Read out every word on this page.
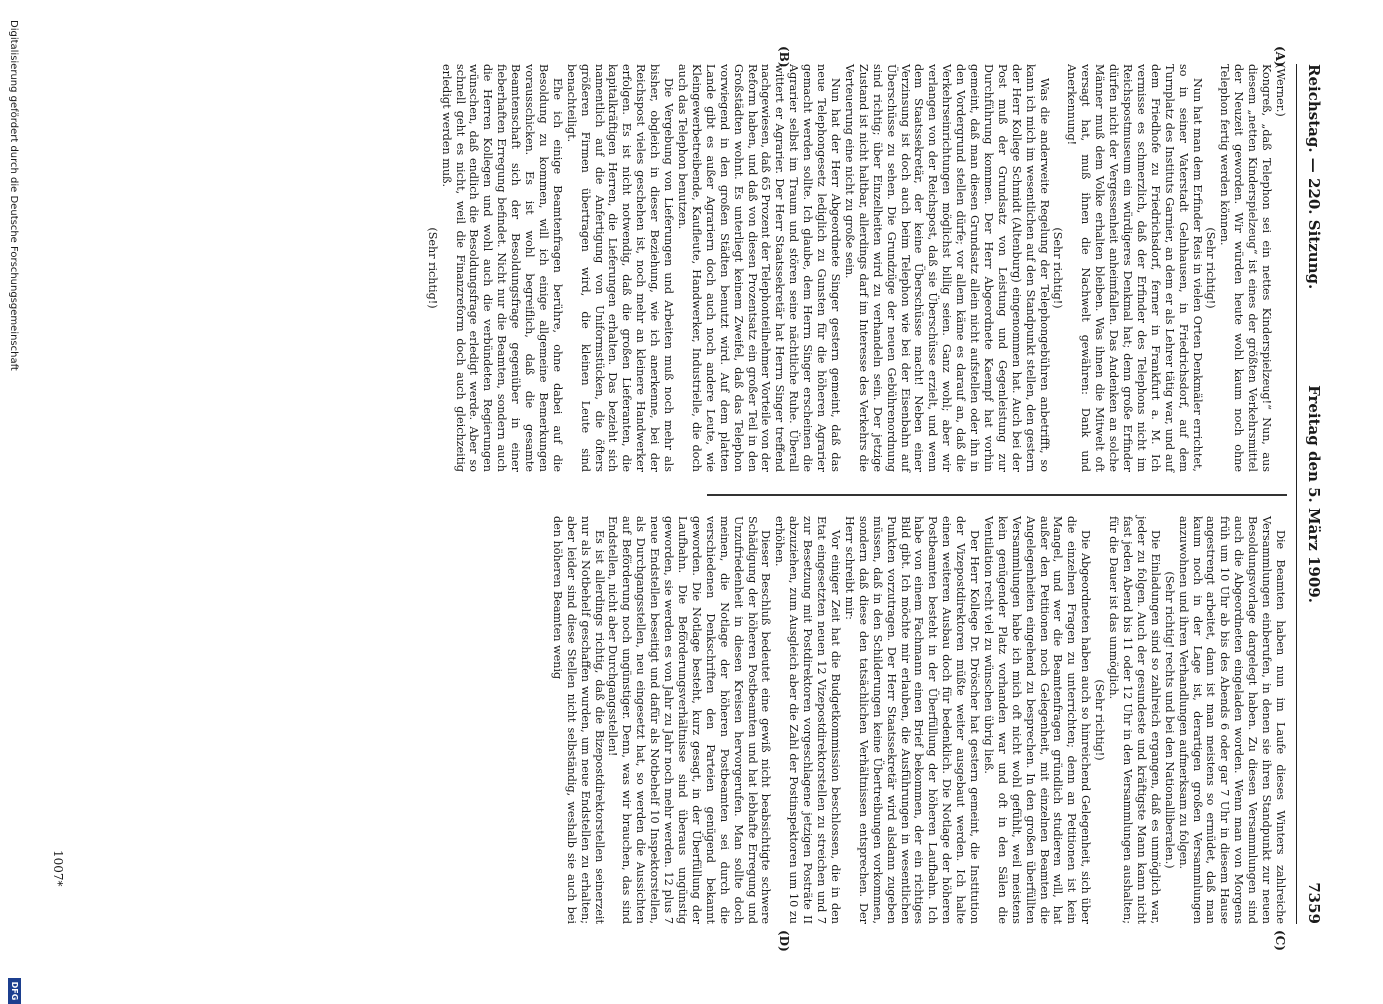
Reichstag. — 220. Sitzung.
Freitag den 5. März 1909.
7359
(A)
(B)
(C)
(D)

(Werner.)

Kongreß, „daß Telephon sei ein nettes Kinderspielzeug!“ Nun, aus diesem „netten Kinderspielzeug“ ist eines der größten Verkehrsmittel der Neuzeit geworden. Wir würden heute wohl kaum noch ohne Telephon fertig werden können.

(Sehr richtig!)

Nun hat man dem Erfinder Reis in vielen Orten Denkmäler errichtet, so in seiner Vaterstadt Gelnhausen, in Friedrichsdorf, auf dem Turnplatz des Instituts Garnier, an dem er als Lehrer tätig war, und auf dem Friedhofe zu Friedrichsdorf, ferner in Frankfurt a. M. Ich vermisse es schmerzlich, daß der Erfinder des Telephons nicht im Reichspostmuseum ein würdigeres Denkmal hat; denn große Erfinder dürfen nicht der Vergessenheit anheimfallen. Das Andenken an solche Männer muß dem Volke erhalten bleiben. Was ihnen die Mitwelt oft versagt hat, muß ihnen die Nachwelt gewähren: Dank und Anerkennung!

(Sehr richtig!)

Was die anderweite Regelung der Telephongebühren anbetrifft, so kann ich mich im wesentlichen auf den Standpunkt stellen, den gestern der Herr Kollege Schmidt (Altenburg) eingenommen hat. Auch bei der Post muß der Grundsatz von Leistung und Gegenleistung zur Durchführung kommen. Der Herr Abgeordnete Kaempf hat vorhin gemeint, daß man diesen Grundsatz allein nicht aufstellen oder ihn in den Vordergrund stellen dürfe; vor allem käme es darauf an, daß die Verkehrseinrichtungen möglichst billig seien. Ganz wohl; aber wir verlangen von der Reichspost, daß sie Überschüsse erzielt, und wenn dem Staatssekretär, der keine Überschüsse macht! Neben einer Verzinsung ist doch auch beim Telephon wie bei der Eisenbahn auf Überschüsse zu sehen. Die Grundzüge der neuen Gebührenordnung sind richtig; über Einzelheiten wird zu verhandeln sein. Der jetzige Zustand ist nicht haltbar, allerdings darf im Interesse des Verkehrs die Verteuerung eine nicht zu große sein.

Nun hat der Herr Abgeordnete Singer gestern gemeint, daß das neue Telephongesetz lediglich zu Gunsten für die höheren Agrarier gemacht werden sollte. Ich glaube, dem Herrn Singer erscheinen die Agrarier selbst im Traum und stören seine nächtliche Ruhe. Überall wittert er Agrarier. Der Herr Staatssekretär hat Herrn Singer treffend nachgewiesen, daß 65 Prozent der Telephonteilnehmer Vorteile von der Reform haben, und daß von diesen Prozentsatz ein großer Teil in den Großstädten wohnt. Es unterliegt keinem Zweifel, daß das Telephon vorwiegend in den großen Städten benutzt wird. Auf dem platten Lande gibt es außer Agrariern doch auch noch andere Leute, wie Kleingewerbetreibende, Kaufleute, Handwerker, Industrielle, die doch auch das Telephon benutzen.

Die Vergebung von Lieferungen und Arbeiten muß noch mehr als bisher, obgleich in dieser Beziehung, wie ich anerkenne, bei der Reichspost vieles geschehen ist, noch mehr an kleinere Handwerker erfolgen. Es ist nicht notwendig, daß die großen Lieferanten, die kapitalkräftigen Herren, die Lieferungen erhalten. Das bezieht sich namentlich auf die Anfertigung von Uniformstücken, die öfters größeren Firmen übertragen wird, die kleinen Leute sind benachteiligt.

Ehe ich einige Beamtenfragen berühre, ohne dabei auf die Besoldung zu kommen, will ich einige allgemeine Bemerkungen vorausschicken. Es ist wohl begreiflich, daß die gesamte Beamtenschaft sich der Besoldungsfrage gegenüber in einer fieberhaften Erregung befindet. Nicht nur die Beamten, sondern auch die Herren Kollegen und wohl auch die verbündeten Regierungen wünschen, daß endlich die Besoldungsfrage erledigt werde. Aber so schnell geht es nicht, weil die Finanzreform doch auch gleichzeitig erledigt werden muß.

(Sehr richtig!)

Die Beamten haben nun im Laufe dieses Winters zahlreiche Versammlungen einberufen, in denen sie ihren Standpunkt zur neuen Besoldungsvorlage dargelegt haben. Zu diesen Versammlungen sind auch die Abgeordneten eingeladen worden. Wenn man von Morgens früh um 10 Uhr ab bis des Abends 6 oder gar 7 Uhr in diesem Hause angestrengt arbeitet, dann ist man meistens so ermüdet, daß man kaum noch in der Lage ist, derartigen großen Versammlungen anzuwohnen und ihren Verhandlungen aufmerksam zu folgen.

(Sehr richtig! rechts und bei den Nationalliberalen.)

Die Einladungen sind so zahlreich ergangen, daß es unmöglich war, jeder zu folgen. Auch der gesundeste und kräftigste Mann kann nicht fast jeden Abend bis 11 oder 12 Uhr in den Versammlungen aushalten; für die Dauer ist das unmöglich.

(Sehr richtig!)

Die Abgeordneten haben auch so hinreichend Gelegenheit, sich über die einzelnen Fragen zu unterrichten; denn an Petitionen ist kein Mangel, und wer die Beamtenfragen gründlich studieren will, hat außer den Petitionen noch Gelegenheit, mit einzelnen Beamten die Angelegenheiten eingehend zu besprechen. In den großen überfüllten Versammlungen habe ich mich oft nicht wohl gefühlt, weil meistens kein genügender Platz vorhanden war und oft in den Sälen die Ventilation recht viel zu wünschen übrig ließ.

Der Herr Kollege Dr. Dröscher hat gestern gemeint, die Institution der Vizepostdirektoren müßte weiter ausgebaut werden. Ich halte einen weiteren Ausbau doch für bedenklich. Die Notlage der höheren Postbeamten besteht in der Überfüllung der höheren Laufbahn. Ich habe von einem Fachmann einen Brief bekommen, der ein richtiges Bild gibt. Ich möchte mir erlauben, die Ausführungen in wesentlichen Punkten vorzutragen. Der Herr Staatssekretär wird alsdann zugeben müssen, daß in den Schilderungen keine Übertreibungen vorkommen, sondern daß diese den tatsächlichen Verhältnissen entsprechen. Der Herr schreibt mir:

Vor einiger Zeit hat die Budgetkommission beschlossen, die in den Etat eingesetzten neuen 12 Vizepostdirektorstellen zu streichen und 7 zur Besetzung mit Postdirektoren vorgeschlagene jetzigen Posträte II abzuziehen, zum Ausgleich aber die Zahl der Postinspektoren um 10 zu erhöhen.

Dieser Beschluß bedeutet eine gewiß nicht beabsichtigte schwere Schädigung der höheren Postbeamten und hat lebhafte Erregung und Unzufriedenheit in diesen Kreisen hervorgerufen. Man sollte doch meinen, die Notlage der höheren Postbeamten sei durch die verschiedenen Denkschriften den Parteien genügend bekannt geworden. Die Notlage besteht, kurz gesagt, in der Überfüllung der Laufbahn. Die Beförderungsverhältnisse sind überaus ungünstig geworden, sie werden es von Jahr zu Jahr noch mehr werden. 12 plus 7 neue Endstellen beseitigt und dafür als Notbehelf 10 Inspektorstellen, als Durchgangsstellen, neu eingesetzt hat, so werden die Aussichten auf Beförderung noch ungünstiger. Denn, was wir brauchen, das sind Endstellen, nicht aber Durchgangsstellen!

Es ist allerdings richtig, daß die Bizepostdirektorstellen seinerzeit nur als Notbehelf geschaffen wurden, um neue Endstellen zu erhalten; aber leider sind diese Stellen nicht selbständig, weshalb sie auch bei den höheren Beamten wenig

1007*
Digitalisierung gefördert durch die Deutsche Forschungsgemeinschaft
DFG
